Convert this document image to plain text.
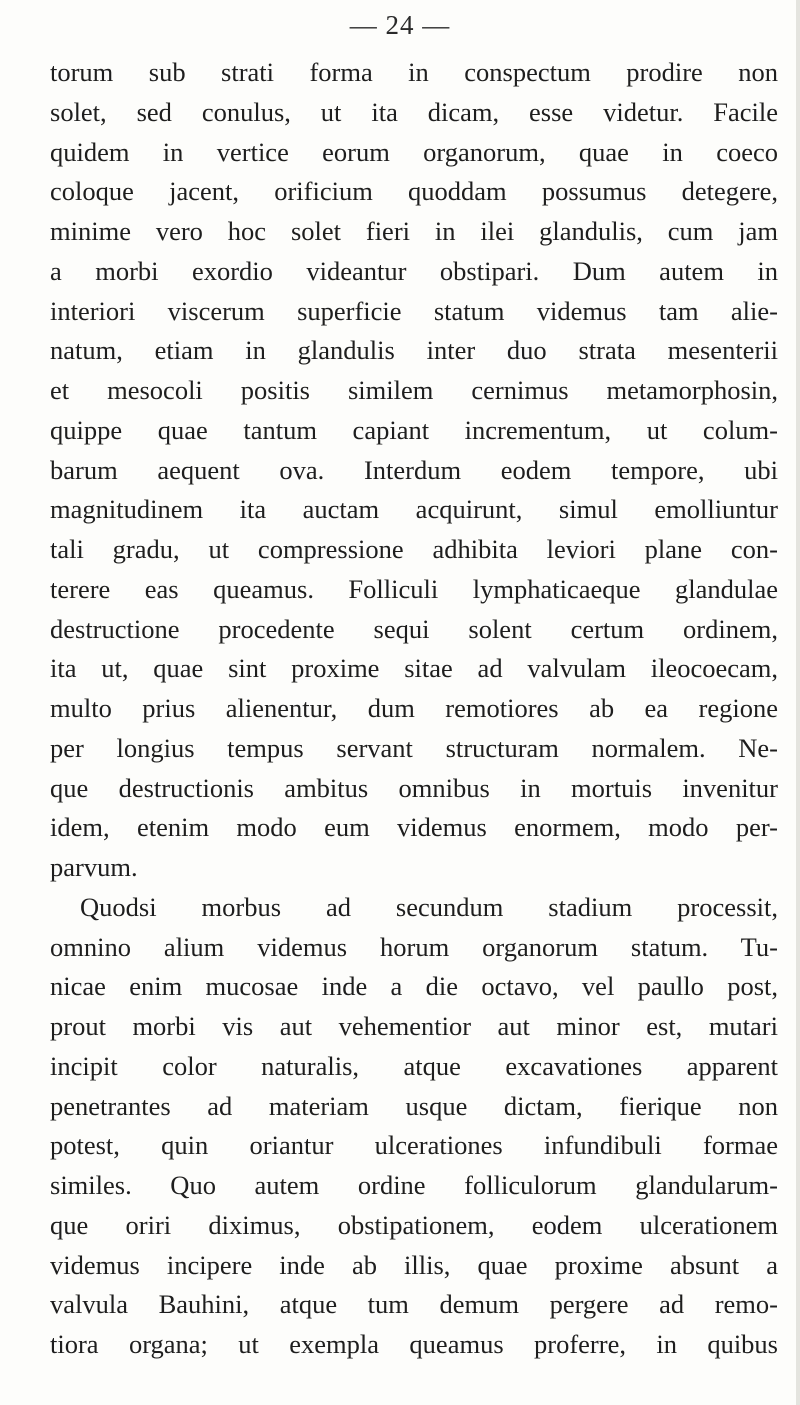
— 24 —
torum sub strati forma in conspectum prodire non
solet, sed conulus, ut ita dicam, esse videtur. Facile
quidem in vertice eorum organorum, quae in coeco
coloque jacent, orificium quoddam possumus detegere,
minime vero hoc solet fieri in ilei glandulis, cum jam
a morbi exordio videantur obstipari. Dum autem in
interiori viscerum superficie statum videmus tam alie-
natum, etiam in glandulis inter duo strata mesenterii
et mesocoli positis similem cernimus metamorphosin,
quippe quae tantum capiant incrementum, ut colum-
barum aequent ova. Interdum eodem tempore, ubi
magnitudinem ita auctam acquirunt, simul emolliuntur
tali gradu, ut compressione adhibita leviori plane con-
terere eas queamus. Folliculi lymphaticaeque glandulae
destructione procedente sequi solent certum ordinem,
ita ut, quae sint proxime sitae ad valvulam ileocoecam,
multo prius alienentur, dum remotiores ab ea regione
per longius tempus servant structuram normalem. Ne-
que destructionis ambitus omnibus in mortuis invenitur
idem, etenim modo eum videmus enormem, modo per-
parvum.
Quodsi morbus ad secundum stadium processit,
omnino alium videmus horum organorum statum. Tu-
nicae enim mucosae inde a die octavo, vel paullo post,
prout morbi vis aut vehementior aut minor est, mutari
incipit color naturalis, atque excavationes apparent
penetrantes ad materiam usque dictam, fierique non
potest, quin oriantur ulcerationes infundibuli formae
similes. Quo autem ordine folliculorum glandularum-
que oriri diximus, obstipationem, eodem ulcerationem
videmus incipere inde ab illis, quae proxime absunt a
valvula Bauhini, atque tum demum pergere ad remo-
tiora organa; ut exempla queamus proferre, in quibus
